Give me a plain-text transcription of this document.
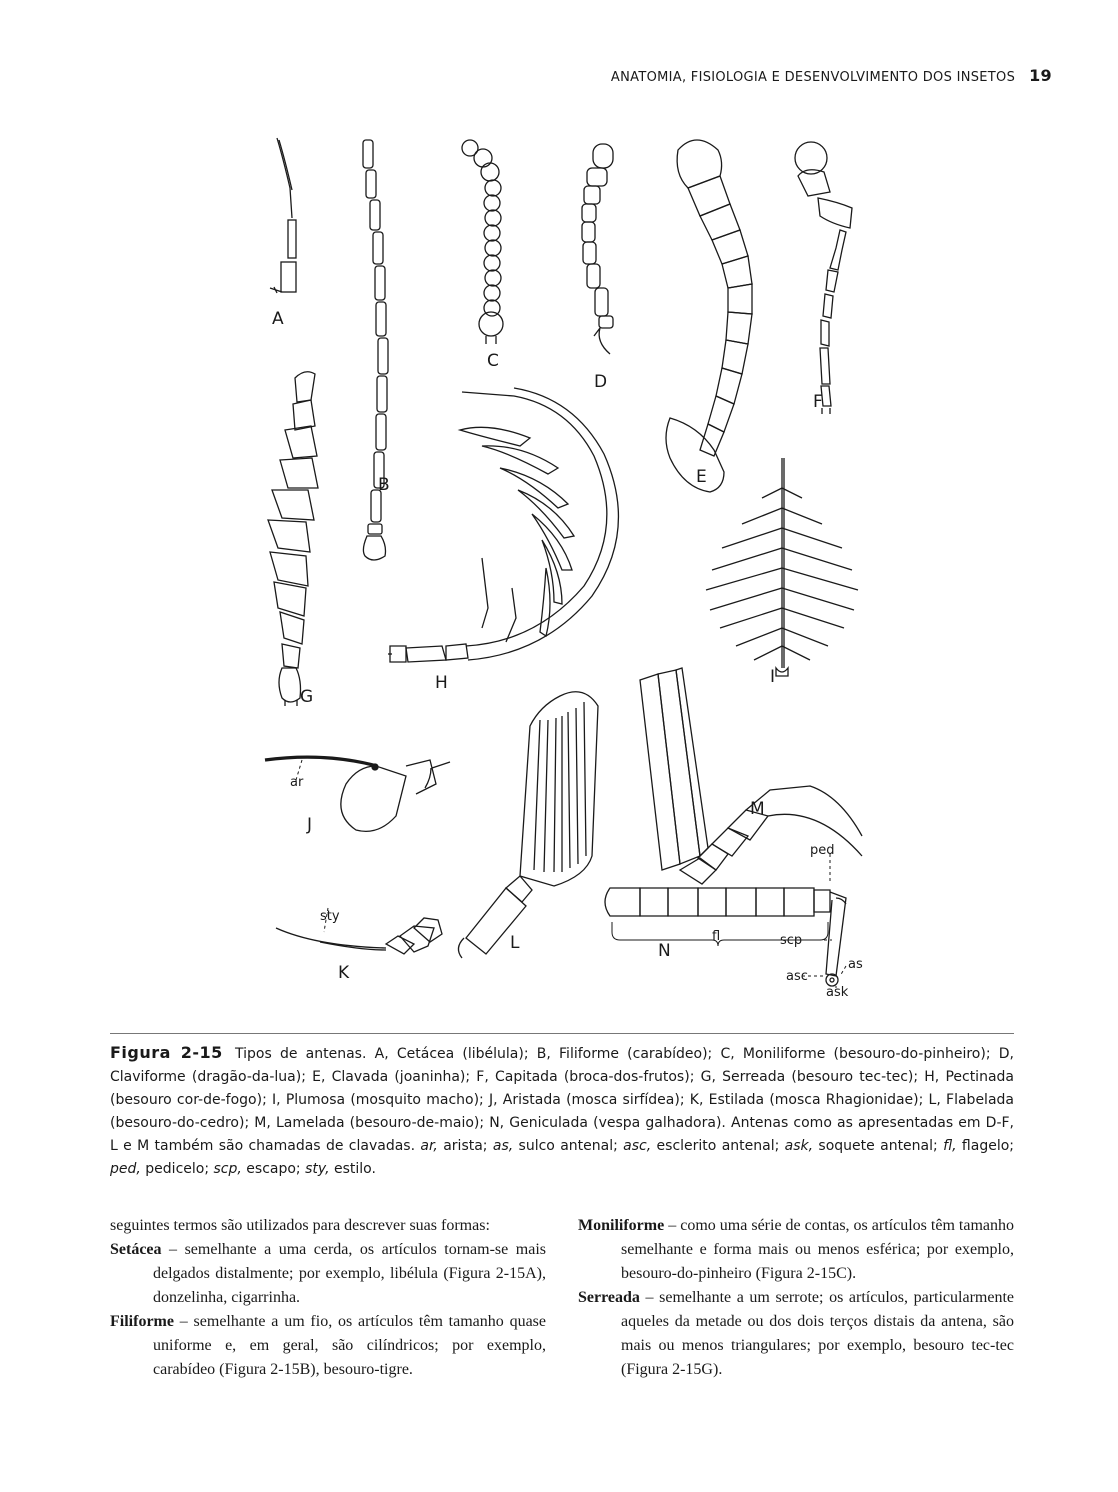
ANATOMIA, FISIOLOGIA E DESENVOLVIMENTO DOS INSETOS 19
A
B
C
D
E
F
G
H	I
J
K
L
M
N
ar
sty
ped
fl	scp
as
asc
ask
Figura 2-15 Tipos de antenas. A, Cetácea (libélula); B, Filiforme (carabídeo); C, Moniliforme (besouro-do-pinheiro); D, Claviforme (dragão-da-lua); E, Clavada (joaninha); F, Capitada (broca-dos-frutos); G, Serreada (besouro tec-tec); H, Pectinada (besouro cor-de-fogo); I, Plumosa (mosquito macho); J, Aristada (mosca sirfídea); K, Estilada (mosca Rhagionidae); L, Flabelada (besouro-do-cedro); M, Lamelada (besouro-de-maio); N, Geniculada (vespa galhadora). Antenas como as apresentadas em D-F, L e M também são chamadas de clavadas. ar, arista; as, sulco antenal; asc, esclerito antenal; ask, soquete antenal; fl, flagelo; ped, pedicelo; scp, escapo; sty, estilo.

seguintes termos são utilizados para descrever suas formas:

Setácea – semelhante a uma cerda, os artículos tornam-se mais delgados distalmente; por exemplo, libélula (Figura 2-15A), donzelinha, cigarrinha.

Filiforme – semelhante a um fio, os artículos têm tamanho quase uniforme e, em geral, são cilíndricos; por exemplo, carabídeo (Figura 2-15B), besouro-tigre.

Moniliforme – como uma série de contas, os artículos têm tamanho semelhante e forma mais ou menos esférica; por exemplo, besouro-do-pinheiro (Figura 2-15C).

Serreada – semelhante a um serrote; os artículos, particularmente aqueles da metade ou dos dois terços distais da antena, são mais ou menos triangulares; por exemplo, besouro tec-tec (Figura 2-15G).
